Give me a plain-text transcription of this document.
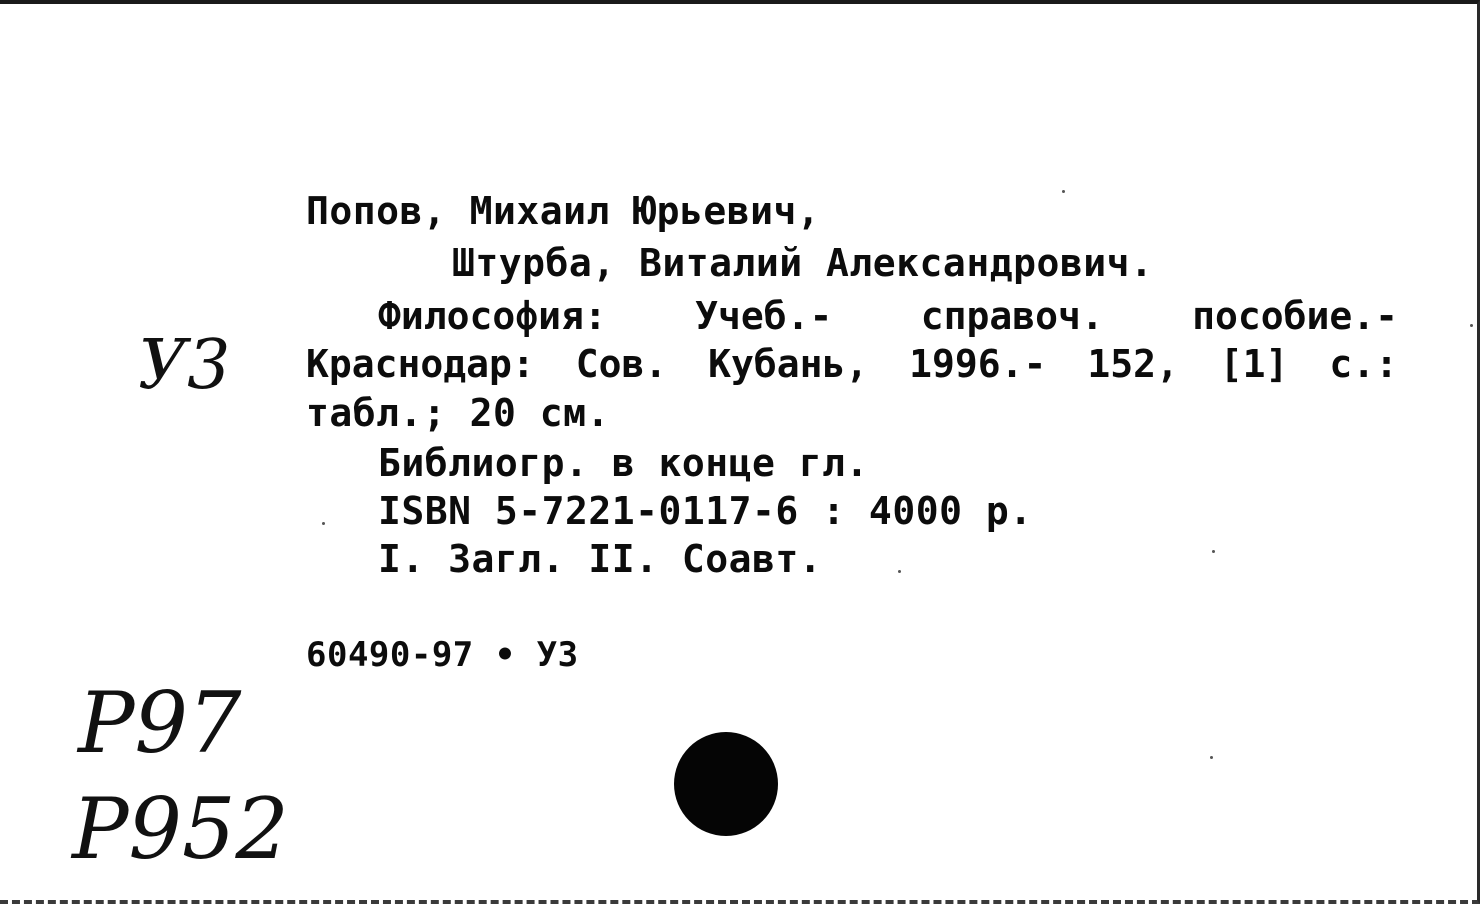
Попов, Михаил Юрьевич,
Штурба, Виталий Александрович.
Философия: Учеб.- справоч. пособие.-
Краснодар: Сов. Кубань, 1996.- 152, [1] с.:
табл.; 20 см.
Библиогр. в конце гл.
ISBN 5-7221-0117-6 : 4000 р.
I. Загл. II. Соавт.
60490-97 • УЗ
У3
Р97
Р952
